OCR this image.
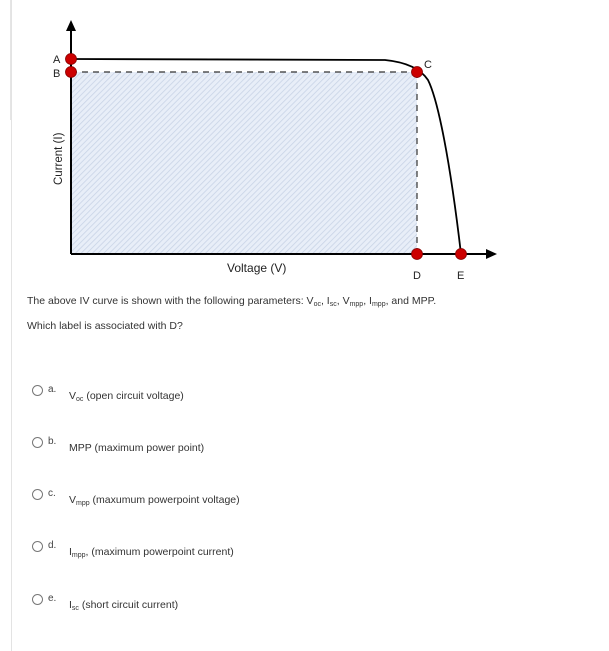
A
B
C
D	E
Voltage (V)
Current (I)
The above IV curve is shown with the following parameters: $V_{oc}$, $I_{sc}$, $V_{mpp}$, $I_{mpp}$, and MPP.
Which label is associated with D?
a.
$V_{oc}$ (open circuit voltage)
b.
MPP (maximum power point)
c.
$V_{mpp}$ (maxumum powerpoint voltage)
d.
$I_{mpp}$, (maximum powerpoint current)
e.
$I_{sc}$ (short circuit current)
